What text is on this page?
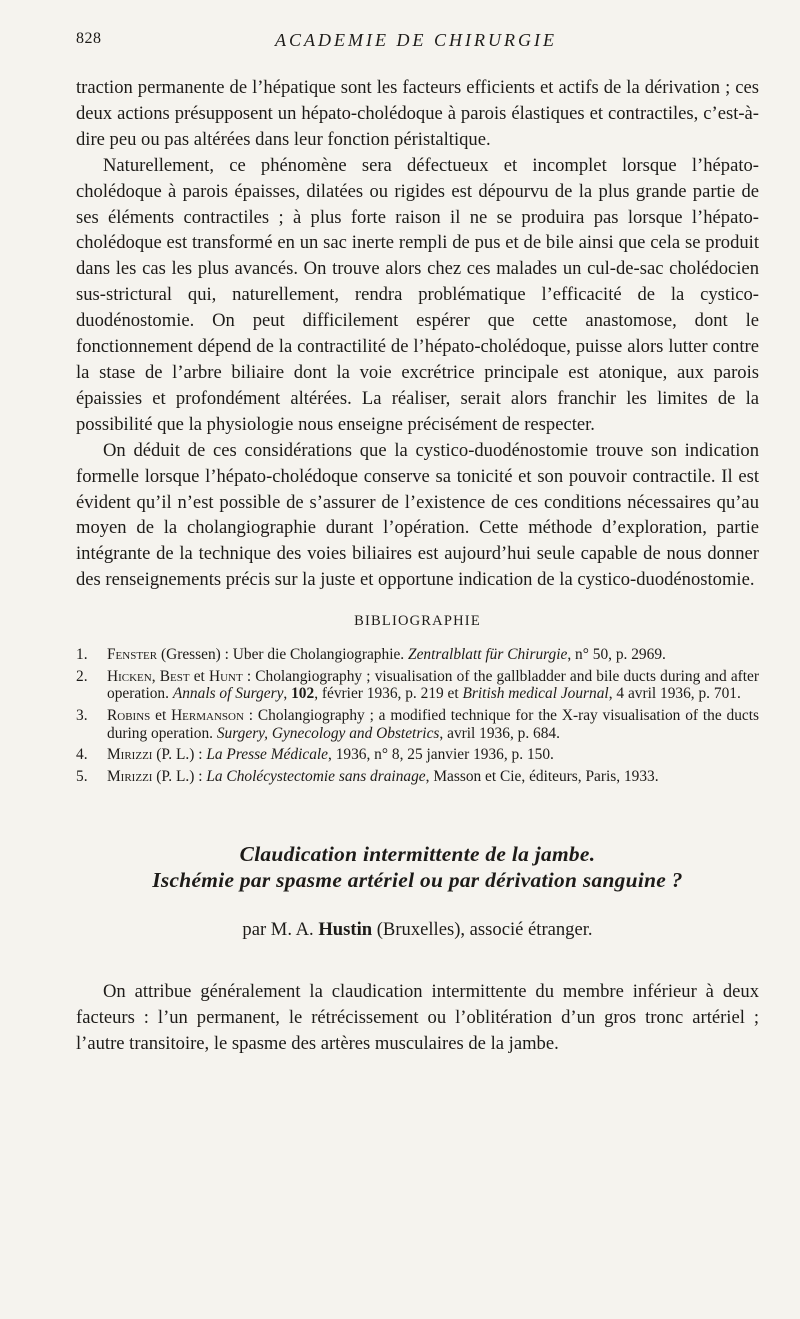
828	ACADEMIE DE CHIRURGIE

traction permanente de l’hépatique sont les facteurs efficients et actifs de la dérivation ; ces deux actions présupposent un hépato-cholédoque à parois élastiques et contractiles, c’est-à-dire peu ou pas altérées dans leur fonction péristaltique.

Naturellement, ce phénomène sera défectueux et incomplet lorsque l’hépato-cholédoque à parois épaisses, dilatées ou rigides est dépourvu de la plus grande partie de ses éléments contractiles ; à plus forte raison il ne se produira pas lorsque l’hépato-cholédoque est transformé en un sac inerte rempli de pus et de bile ainsi que cela se produit dans les cas les plus avancés. On trouve alors chez ces malades un cul-de-sac cholédocien sus-strictural qui, naturellement, rendra problématique l’efficacité de la cystico-duodénostomie. On peut difficilement espérer que cette anastomose, dont le fonctionnement dépend de la contractilité de l’hépato-cholédoque, puisse alors lutter contre la stase de l’arbre biliaire dont la voie excrétrice principale est atonique, aux parois épaissies et profondément altérées. La réaliser, serait alors franchir les limites de la possibilité que la physiologie nous enseigne précisément de respecter.

On déduit de ces considérations que la cystico-duodénostomie trouve son indication formelle lorsque l’hépato-cholédoque conserve sa tonicité et son pouvoir contractile. Il est évident qu’il n’est possible de s’assurer de l’existence de ces conditions nécessaires qu’au moyen de la cholangiographie durant l’opération. Cette méthode d’exploration, partie intégrante de la technique des voies biliaires est aujourd’hui seule capable de nous donner des renseignements précis sur la juste et opportune indication de la cystico-duodénostomie.

BIBLIOGRAPHIE
1. Fenster (Gressen) : Uber die Cholangiographie. Zentralblatt für Chirurgie, n° 50, p. 2969.
2. Hicken, Best et Hunt : Cholangiography ; visualisation of the gallbladder and bile ducts during and after operation. Annals of Surgery, 102, février 1936, p. 219 et British medical Journal, 4 avril 1936, p. 701.
3. Robins et Hermanson : Cholangiography ; a modified technique for the X-ray visualisation of the ducts during operation. Surgery, Gynecology and Obstetrics, avril 1936, p. 684.
4. Mirizzi (P. L.) : La Presse Médicale, 1936, n° 8, 25 janvier 1936, p. 150.
5. Mirizzi (P. L.) : La Cholécystectomie sans drainage, Masson et Cie, éditeurs, Paris, 1933.
Claudication intermittente de la jambe.
Ischémie par spasme artériel ou par dérivation sanguine ?

par M. A. Hustin (Bruxelles), associé étranger.

On attribue généralement la claudication intermittente du membre inférieur à deux facteurs : l’un permanent, le rétrécissement ou l’oblitération d’un gros tronc artériel ; l’autre transitoire, le spasme des artères musculaires de la jambe.
